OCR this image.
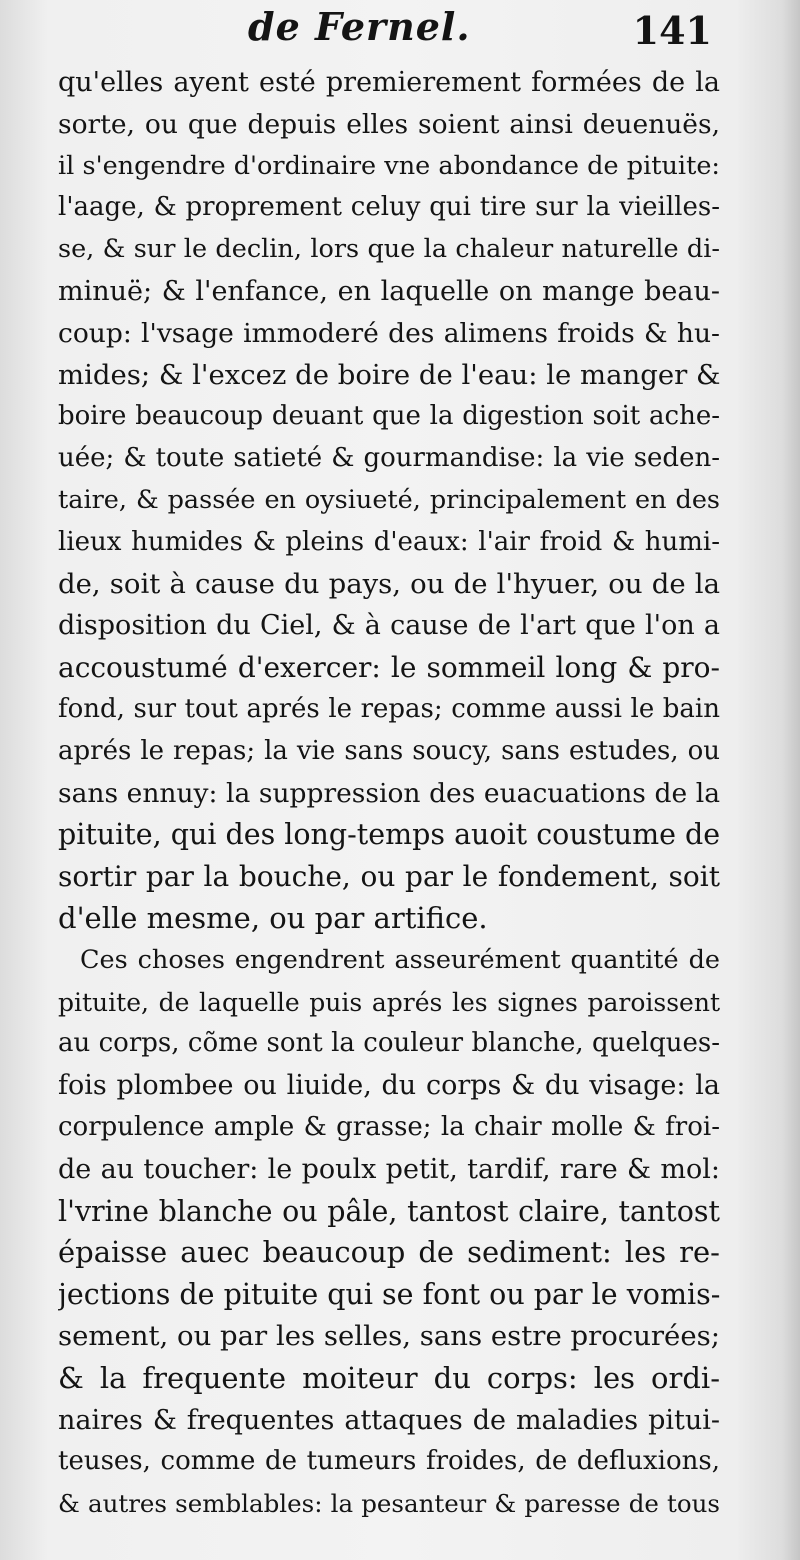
de Fernel.	141
qu'elles ayent esté premierement formées de la
sorte, ou que depuis elles soient ainsi deuenuës,
il s'engendre d'ordinaire vne abondance de pituite:
l'aage, & proprement celuy qui tire sur la vieilles-
se, & sur le declin, lors que la chaleur naturelle di-
minuë; & l'enfance, en laquelle on mange beau-
coup: l'vsage immoderé des alimens froids & hu-
mides; & l'excez de boire de l'eau: le manger &
boire beaucoup deuant que la digestion soit ache-
uée; & toute satieté & gourmandise: la vie seden-
taire, & passée en oysiueté, principalement en des
lieux humides & pleins d'eaux: l'air froid & humi-
de, soit à cause du pays, ou de l'hyuer, ou de la
disposition du Ciel, & à cause de l'art que l'on a
accoustumé d'exercer: le sommeil long & pro-
fond, sur tout aprés le repas; comme aussi le bain
aprés le repas; la vie sans soucy, sans estudes, ou
sans ennuy: la suppression des euacuations de la
pituite, qui des long-temps auoit coustume de
sortir par la bouche, ou par le fondement, soit
d'elle mesme, ou par artifice.
Ces choses engendrent asseurément quantité de
pituite, de laquelle puis aprés les signes paroissent
au corps, cõme sont la couleur blanche, quelques-
fois plombee ou liuide, du corps & du visage: la
corpulence ample & grasse; la chair molle & froi-
de au toucher: le poulx petit, tardif, rare & mol:
l'vrine blanche ou pâle, tantost claire, tantost
épaisse auec beaucoup de sediment: les re-
jections de pituite qui se font ou par le vomis-
sement, ou par les selles, sans estre procurées;
& la frequente moiteur du corps: les ordi-
naires & frequentes attaques de maladies pitui-
teuses, comme de tumeurs froides, de defluxions,
& autres semblables: la pesanteur & paresse de tous
